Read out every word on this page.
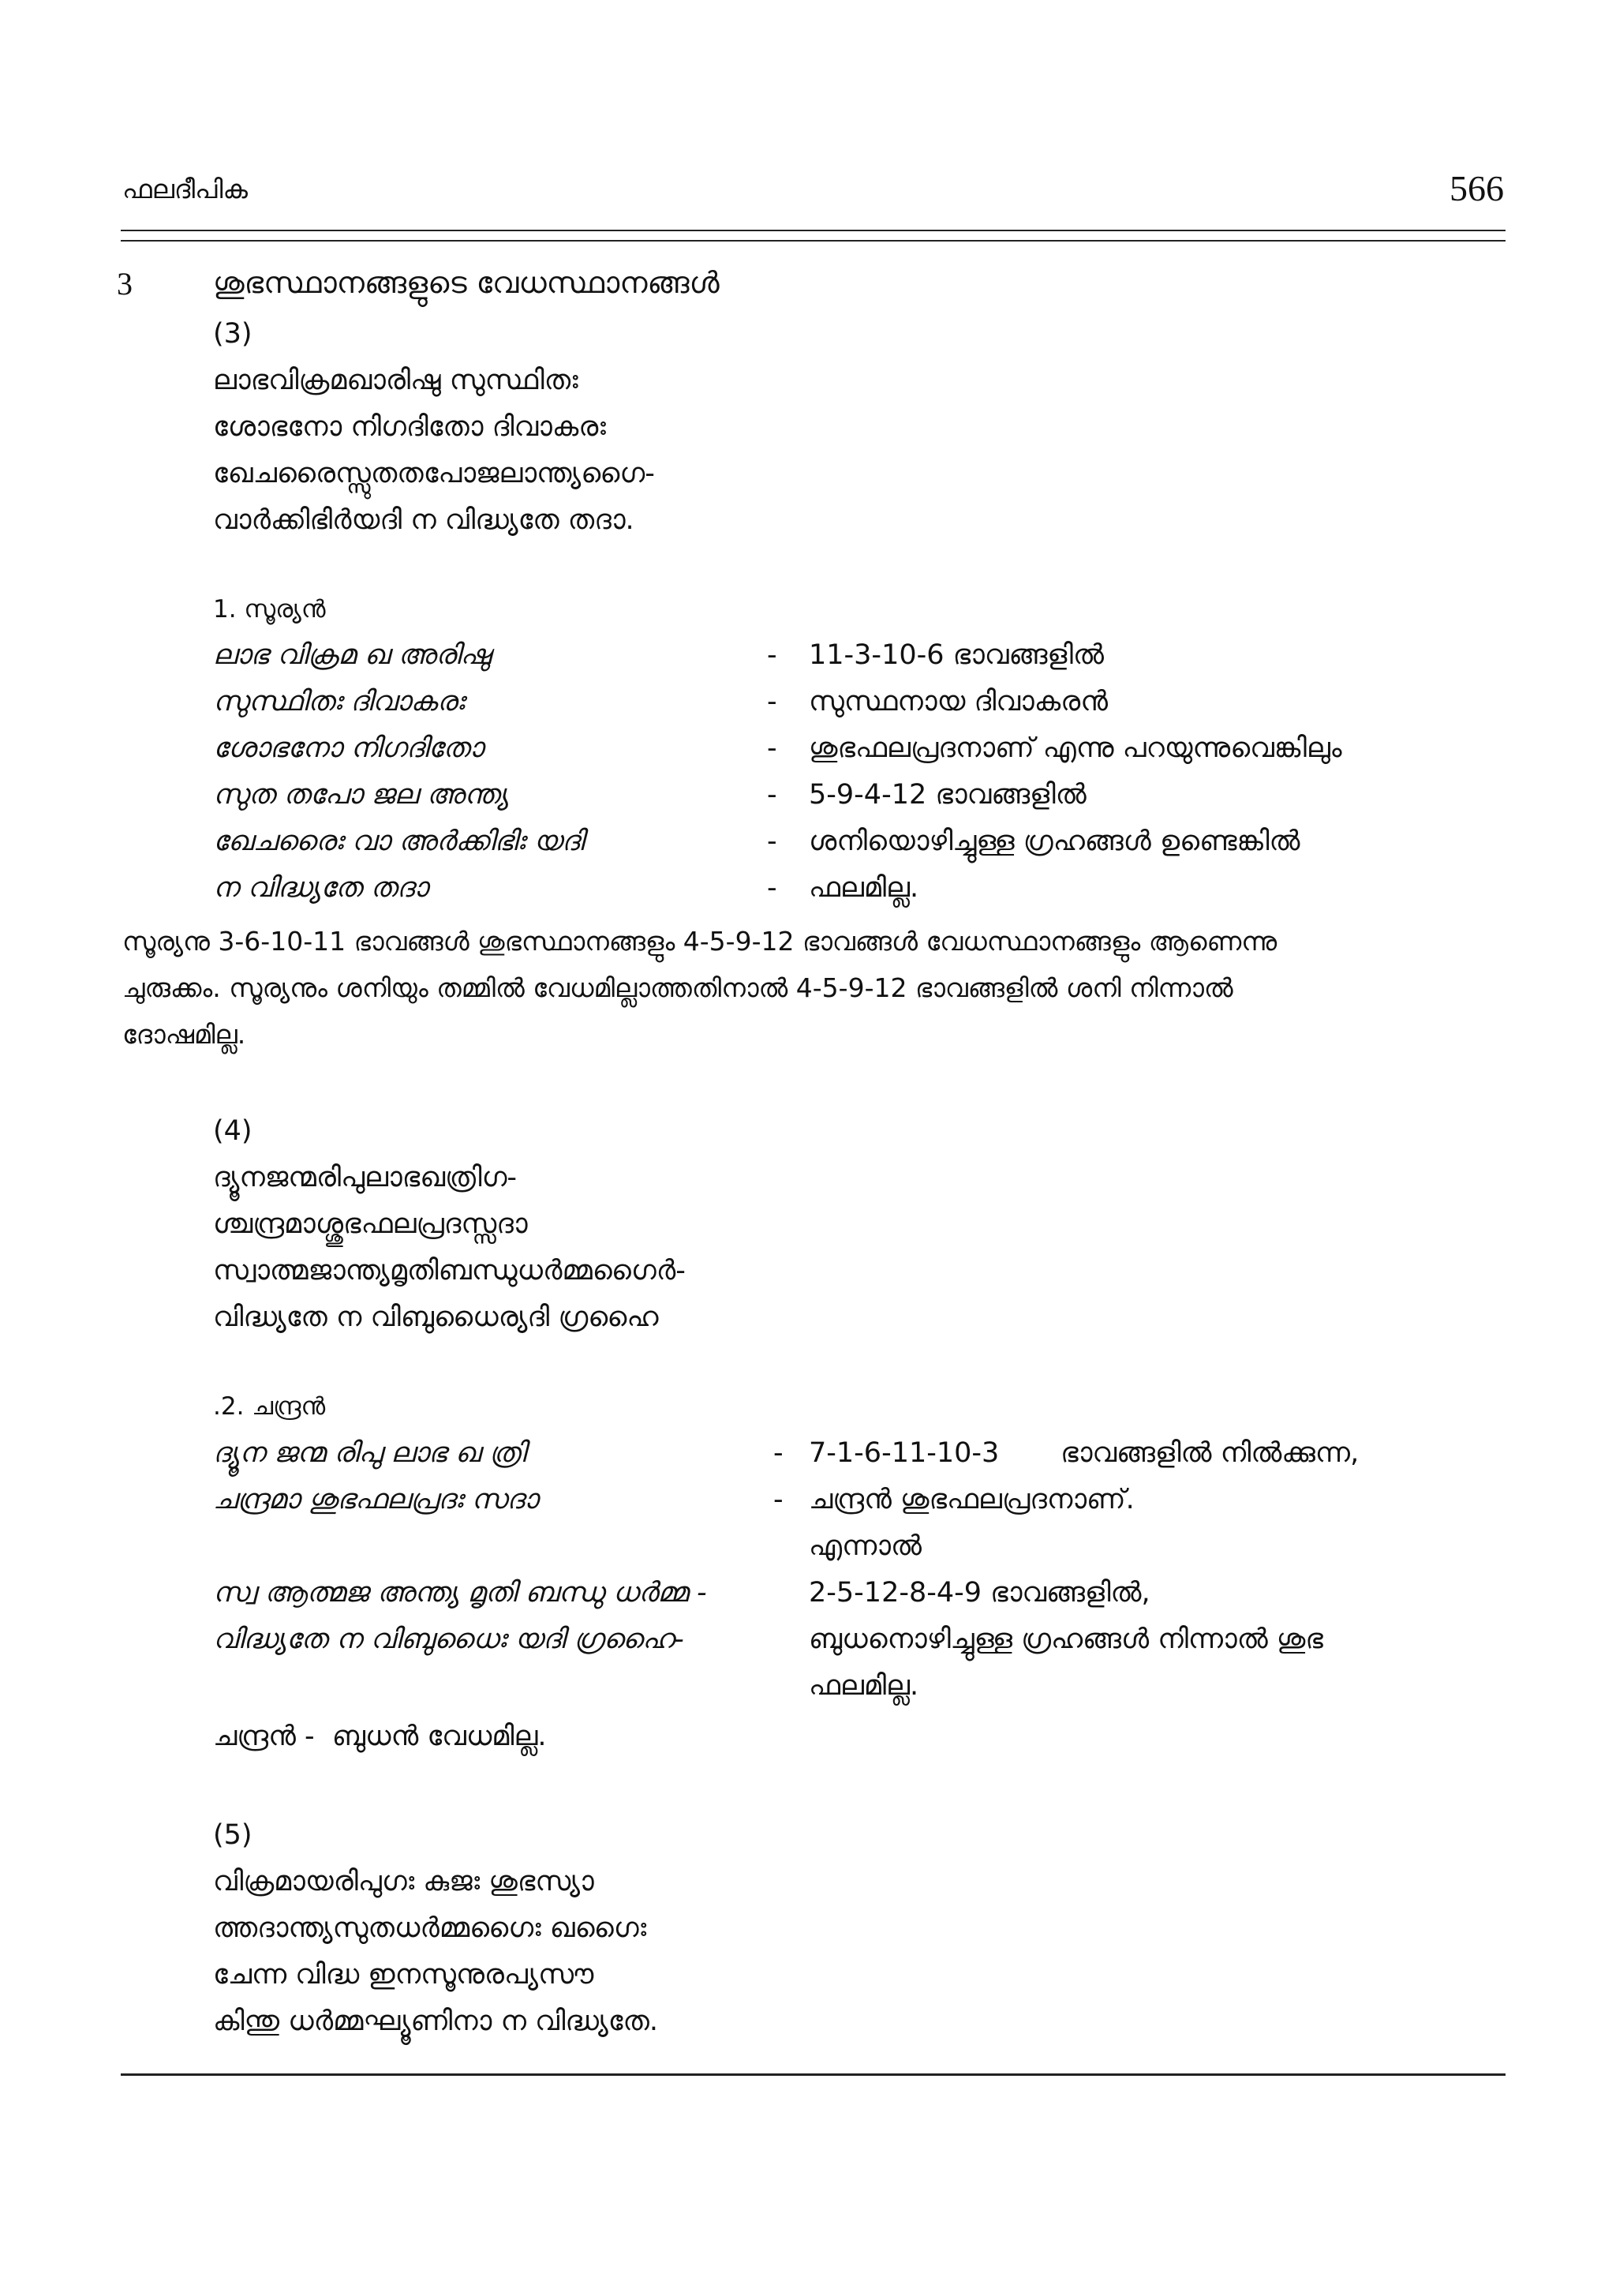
ഫലദീപിക	566
3	ശുഭസ്ഥാനങ്ങളുടെ വേധസ്ഥാനങ്ങൾ
(3)
ലാഭവിക്രമഖാരിഷു സുസ്ഥിതഃ
ശോഭനോ നിഗദിതോ ദിവാകരഃ
ഖേചരൈസ്സുതതപോജലാന്ത്യഗൈ-
വാർക്കിഭിർയദി ന വിദ്ധ്യതേ തദാ.
1. സൂര്യൻ
ലാഭ വിക്രമ ഖ അരിഷു	- 11-3-10-6 ഭാവങ്ങളിൽ
സുസ്ഥിതഃ ദിവാകരഃ	- സുസ്ഥനായ ദിവാകരൻ
ശോഭനോ നിഗദിതോ	- ശുഭഫലപ്രദനാണ് എന്നു പറയുന്നുവെങ്കിലും
സുത തപോ ജല അന്ത്യ	- 5-9-4-12 ഭാവങ്ങളിൽ
ഖേചരൈഃ വാ അർക്കിഭിഃ യദി	- ശനിയൊഴിച്ചുള്ള ഗ്രഹങ്ങൾ ഉണ്ടെങ്കിൽ
ന വിദ്ധ്യതേ തദാ	- ഫലമില്ല.
സൂര്യനു 3-6-10-11 ഭാവങ്ങൾ ശുഭസ്ഥാനങ്ങളും 4-5-9-12 ഭാവങ്ങൾ വേധസ്ഥാനങ്ങളും ആണെന്നു
ചുരുക്കം. സൂര്യനും ശനിയും തമ്മിൽ വേധമില്ലാത്തതിനാൽ 4-5-9-12 ഭാവങ്ങളിൽ ശനി നിന്നാൽ
ദോഷമില്ല.
(4)
ദ്യൂനജന്മരിപുലാഭഖത്രിഗ-
ശ്ചന്ദ്രമാശ്ശുഭഫലപ്രദസ്സദാ
സ്വാത്മജാന്ത്യമൃതിബന്ധുധർമ്മഗൈർ-
വിദ്ധ്യതേ ന വിബുധൈര്യദി ഗ്രഹൈ
.2. ചന്ദ്രൻ
ദ്യൂന ജന്മ രിപു ലാഭ ഖ ത്രി	- 7-1-6-11-10-3       ഭാവങ്ങളിൽ നിൽക്കുന്ന,
ചന്ദ്രമാ ശുഭഫലപ്രദഃ സദാ	- ചന്ദ്രൻ ശുഭഫലപ്രദനാണ്.
എന്നാൽ
സ്വ ആത്മജ അന്ത്യ മൃതി ബന്ധു ധർമ്മ -	2-5-12-8-4-9 ഭാവങ്ങളിൽ,
വിദ്ധ്യതേ ന വിബുധൈഃ യദി ഗ്രഹൈ-	ബുധനൊഴിച്ചുള്ള ഗ്രഹങ്ങൾ നിന്നാൽ ശുഭ
ഫലമില്ല.
ചന്ദ്രൻ -  ബുധൻ വേധമില്ല.
(5)
വിക്രമായരിപുഗഃ കുജഃ ശുഭസ്യാ
ത്തദാന്ത്യസുതധർമ്മഗൈഃ ഖഗൈഃ
ചേന്ന വിദ്ധ ഇനസൂനുരപ്യസൗ
കിന്തു ധർമ്മഘ്യൂണിനാ ന വിദ്ധ്യതേ.
